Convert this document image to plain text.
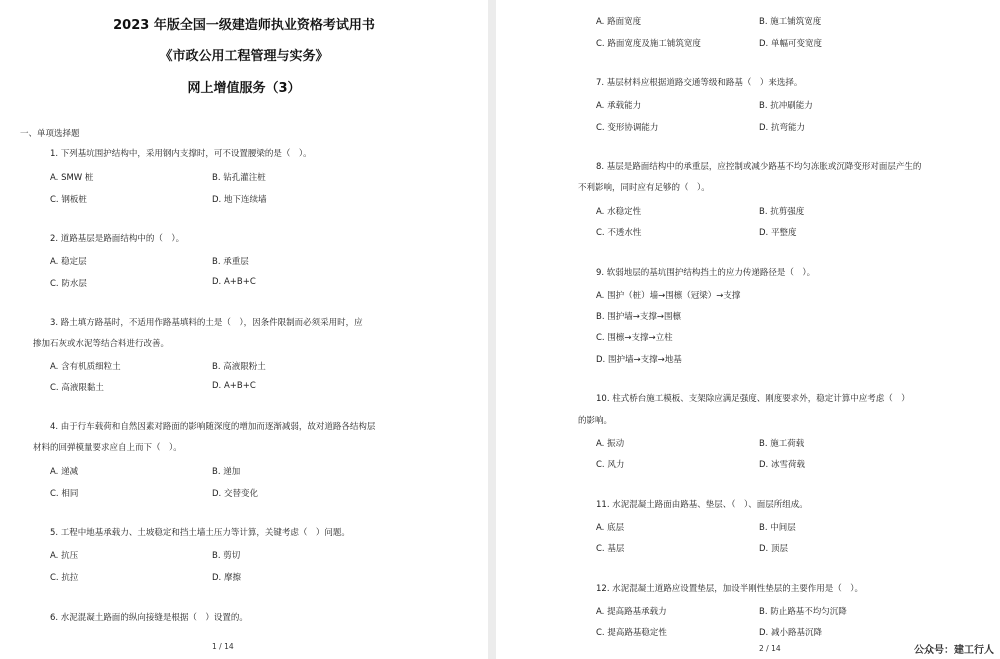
2023 年版全国一级建造师执业资格考试用书
《市政公用工程管理与实务》
网上增值服务（3）
一、单项选择题
1. 下列基坑围护结构中，采用钢内支撑时，可不设置腰梁的是（　）。
A. SMW 桩	B. 钻孔灌注桩
C. 钢板桩	D. 地下连续墙
2. 道路基层是路面结构中的（　）。
A. 稳定层	B. 承重层
C. 防水层	D. A+B+C
3. 路土填方路基时，不适用作路基填料的土是（　），因条件限制而必须采用时，应
掺加石灰或水泥等结合料进行改善。
A. 含有机质细粒土	B. 高液限粉土
C. 高液限黏土	D. A+B+C
4. 由于行车载荷和自然因素对路面的影响随深度的增加而逐渐减弱，故对道路各结构层
材料的回弹模量要求应自上而下（　）。
A. 递减	B. 递加
C. 相同	D. 交替变化
5. 工程中地基承载力、土坡稳定和挡土墙土压力等计算，关键考虑（　）问题。
A. 抗压	B. 剪切
C. 抗拉	D. 摩擦
6. 水泥混凝土路面的纵向接缝是根据（　）设置的。
1 / 14
A. 路面宽度	B. 施工铺筑宽度
C. 路面宽度及施工铺筑宽度	D. 单幅可变宽度
7. 基层材料应根据道路交通等级和路基（　）来选择。
A. 承载能力	B. 抗冲刷能力
C. 变形协调能力	D. 抗弯能力
8. 基层是路面结构中的承重层，应控制或减少路基不均匀冻胀或沉降变形对面层产生的
不利影响，同时应有足够的（　）。
A. 水稳定性	B. 抗剪强度
C. 不透水性	D. 平整度
9. 软弱地层的基坑围护结构挡土的应力传递路径是（　）。
A. 围护（桩）墙→围檩（冠梁）→支撑
B. 围护墙→支撑→围檩
C. 围檩→支撑→立柱
D. 围护墙→支撑→地基
10. 柱式桥台施工模板、支架除应满足强度、刚度要求外，稳定计算中应考虑（　）
的影响。
A. 振动	B. 施工荷载
C. 风力	D. 冰雪荷载
11. 水泥混凝土路面由路基、垫层、（　）、面层所组成。
A. 底层	B. 中间层
C. 基层	D. 顶层
12. 水泥混凝土道路应设置垫层，加设半刚性垫层的主要作用是（　）。
A. 提高路基承载力	B. 防止路基不均匀沉降
C. 提高路基稳定性	D. 减小路基沉降
2 / 14	公众号：建工行人
